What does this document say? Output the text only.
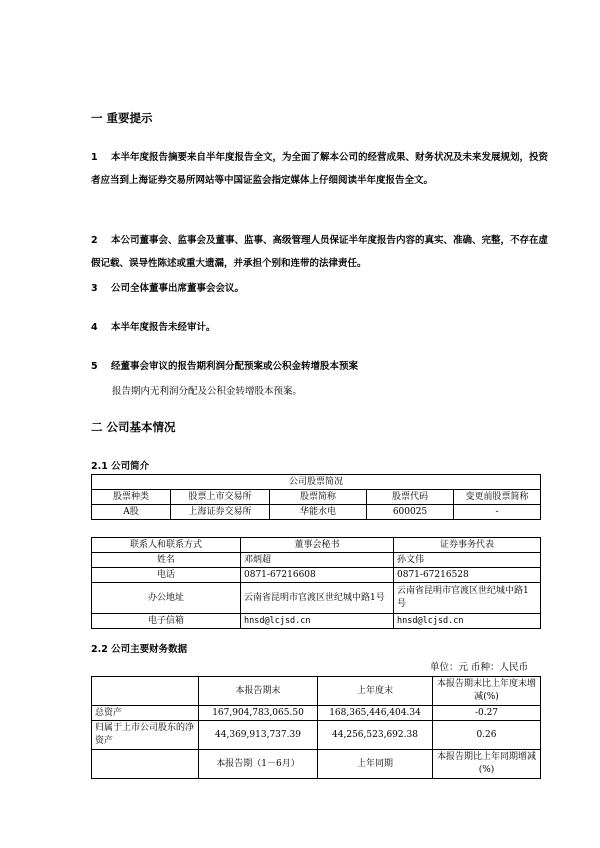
一 重要提示
1 本半年度报告摘要来自半年度报告全文，为全面了解本公司的经营成果、财务状况及未来发展规划，投资者应当到上海证券交易所网站等中国证监会指定媒体上仔细阅读半年度报告全文。
2 本公司董事会、监事会及董事、监事、高级管理人员保证半年度报告内容的真实、准确、完整，不存在虚假记载、误导性陈述或重大遗漏，并承担个别和连带的法律责任。
3 公司全体董事出席董事会会议。
4 本半年度报告未经审计。
5 经董事会审议的报告期利润分配预案或公积金转增股本预案
报告期内无利润分配及公积金转增股本预案。
二 公司基本情况
2.1 公司简介
公司股票简况				
股票种类	股票上市交易所	股票简称	股票代码	变更前股票简称
A股	上海证券交易所	华能水电	600025	-
联系人和联系方式	董事会秘书	证券事务代表
姓名	邓炳超	孙文伟
电话	0871-67216608	0871-67216528
办公地址	云南省昆明市官渡区世纪城中路1号	云南省昆明市官渡区世纪城中路1号
电子信箱	hnsd@lcjsd.cn	hnsd@lcjsd.cn
2.2 公司主要财务数据
单位：元 币种：人民币
	本报告期末	上年度末	本报告期末比上年度末增减(%)
总资产	167,904,783,065.50	168,365,446,404.34	-0.27
归属于上市公司股东的净资产	44,369,913,737.39	44,256,523,692.38	0.26
	本报告期（1－6月）	上年同期	本报告期比上年同期增减(%)
